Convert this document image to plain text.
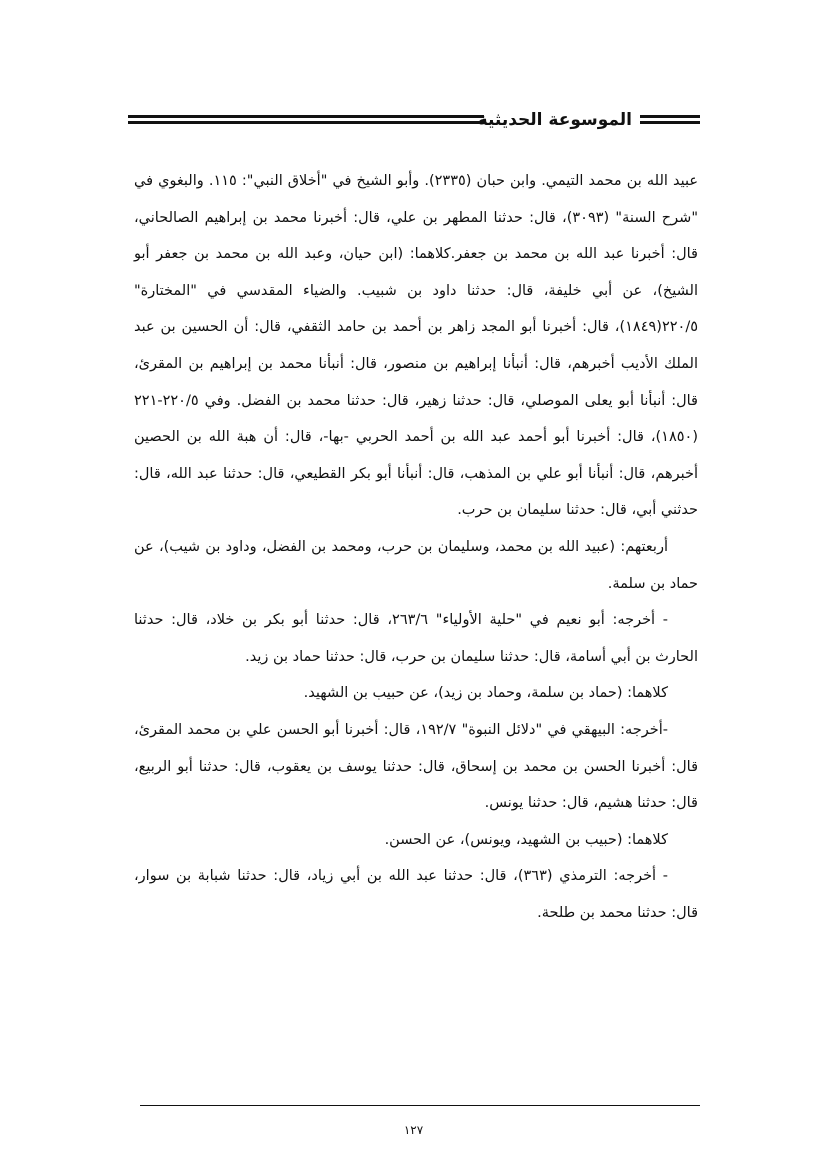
الموسوعة الحديثية

عبيد الله بن محمد التيمي. وابن حبان (٢٣٣٥). وأبو الشيخ في "أخلاق النبي": ١١٥. والبغوي في "شرح السنة" (٣٠٩٣)، قال: حدثنا المطهر بن علي، قال: أخبرنا محمد بن إبراهيم الصالحاني، قال: أخبرنا عبد الله بن محمد بن جعفر.كلاهما: (ابن حيان، وعبد الله بن محمد بن جعفر أبو الشيخ)، عن أبي خليفة، قال: حدثنا داود بن شبيب. والضياء المقدسي في "المختارة" ٢٢٠/٥(١٨٤٩)، قال: أخبرنا أبو المجد زاهر بن أحمد بن حامد الثقفي، قال: أن الحسين بن عبد الملك الأديب أخبرهم، قال: أنبأنا إبراهيم بن منصور، قال: أنبأنا محمد بن إبراهيم بن المقرئ، قال: أنبأنا أبو يعلى الموصلي، قال: حدثنا زهير، قال: حدثنا محمد بن الفضل. وفي ٢٢٠/٥-٢٢١ (١٨٥٠)، قال: أخبرنا أبو أحمد عبد الله بن أحمد الحربي -بها-، قال: أن هبة الله بن الحصين أخبرهم، قال: أنبأنا أبو علي بن المذهب، قال: أنبأنا أبو بكر القطيعي، قال: حدثنا عبد الله، قال: حدثني أبي، قال: حدثنا سليمان بن حرب.

أربعتهم: (عبيد الله بن محمد، وسليمان بن حرب، ومحمد بن الفضل، وداود بن شيب)، عن حماد بن سلمة.

- أخرجه: أبو نعيم في "حلية الأولياء" ٢٦٣/٦، قال: حدثنا أبو بكر بن خلاد، قال: حدثنا الحارث بن أبي أسامة، قال: حدثنا سليمان بن حرب، قال: حدثنا حماد بن زيد.

كلاهما: (حماد بن سلمة، وحماد بن زيد)، عن حبيب بن الشهيد.

-أخرجه: البيهقي في "دلائل النبوة" ١٩٢/٧، قال: أخبرنا أبو الحسن علي بن محمد المقرئ، قال: أخبرنا الحسن بن محمد بن إسحاق، قال: حدثنا يوسف بن يعقوب، قال: حدثنا أبو الربيع، قال: حدثنا هشيم، قال: حدثنا يونس.

كلاهما: (حبيب بن الشهيد، ويونس)، عن الحسن.

- أخرجه: الترمذي (٣٦٣)، قال: حدثنا عبد الله بن أبي زياد، قال: حدثنا شبابة بن سوار، قال: حدثنا محمد بن طلحة.

١٢٧
